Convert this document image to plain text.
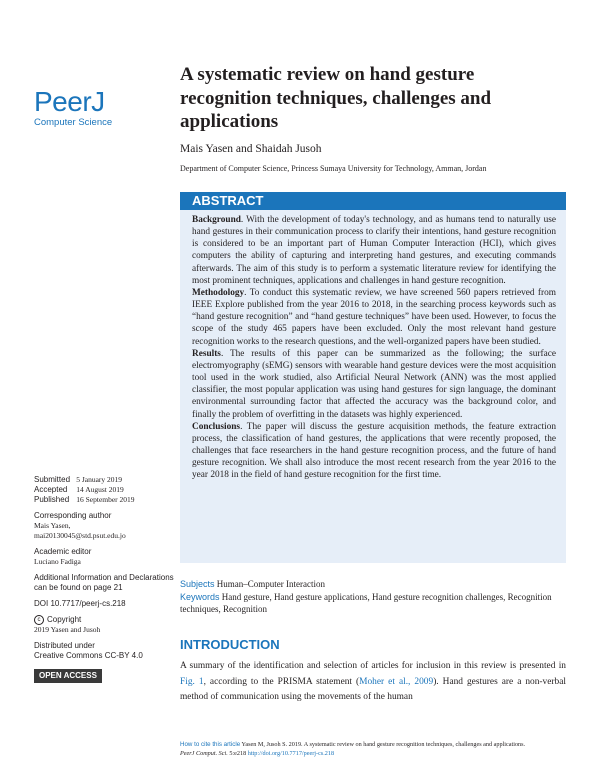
PeerJ
Computer Science
A systematic review on hand gesture recognition techniques, challenges and applications
Mais Yasen and Shaidah Jusoh
Department of Computer Science, Princess Sumaya University for Technology, Amman, Jordan
ABSTRACT

Background. With the development of today's technology, and as humans tend to naturally use hand gestures in their communication process to clarify their intentions, hand gesture recognition is considered to be an important part of Human Computer Interaction (HCI), which gives computers the ability of capturing and interpreting hand gestures, and executing commands afterwards. The aim of this study is to perform a systematic literature review for identifying the most prominent techniques, applications and challenges in hand gesture recognition.

Methodology. To conduct this systematic review, we have screened 560 papers retrieved from IEEE Explore published from the year 2016 to 2018, in the searching process keywords such as “hand gesture recognition” and “hand gesture techniques” have been used. However, to focus the scope of the study 465 papers have been excluded. Only the most relevant hand gesture recognition works to the research questions, and the well-organized papers have been studied.

Results. The results of this paper can be summarized as the following; the surface electromyography (sEMG) sensors with wearable hand gesture devices were the most acquisition tool used in the work studied, also Artificial Neural Network (ANN) was the most applied classifier, the most popular application was using hand gestures for sign language, the dominant environmental surrounding factor that affected the accuracy was the background color, and finally the problem of overfitting in the datasets was highly experienced.

Conclusions. The paper will discuss the gesture acquisition methods, the feature extraction process, the classification of hand gestures, the applications that were recently proposed, the challenges that face researchers in the hand gesture recognition process, and the future of hand gesture recognition. We shall also introduce the most recent research from the year 2016 to the year 2018 in the field of hand gesture recognition for the first time.

Subjects Human–Computer Interaction

Keywords Hand gesture, Hand gesture applications, Hand gesture recognition challenges, Recognition techniques, Recognition

INTRODUCTION

A summary of the identification and selection of articles for inclusion in this review is presented in Fig. 1, according to the PRISMA statement (Moher et al., 2009). Hand gestures are a non-verbal method of communication using the movements of the human

Submitted 5 January 2019
Accepted 14 August 2019
Published 16 September 2019
Corresponding author
Mais Yasen,
mai20130045@std.psut.edu.jo
Academic editor
Luciano Fadiga
Additional Information and Declarations can be found on page 21
DOI 10.7717/peerj-cs.218
c Copyright
2019 Yasen and Jusoh
Distributed under
Creative Commons CC-BY 4.0
OPEN ACCESS
How to cite this article Yasen M, Jusoh S. 2019. A systematic review on hand gesture recognition techniques, challenges and applications.
PeerJ Comput. Sci. 5:e218 http://doi.org/10.7717/peerj-cs.218
